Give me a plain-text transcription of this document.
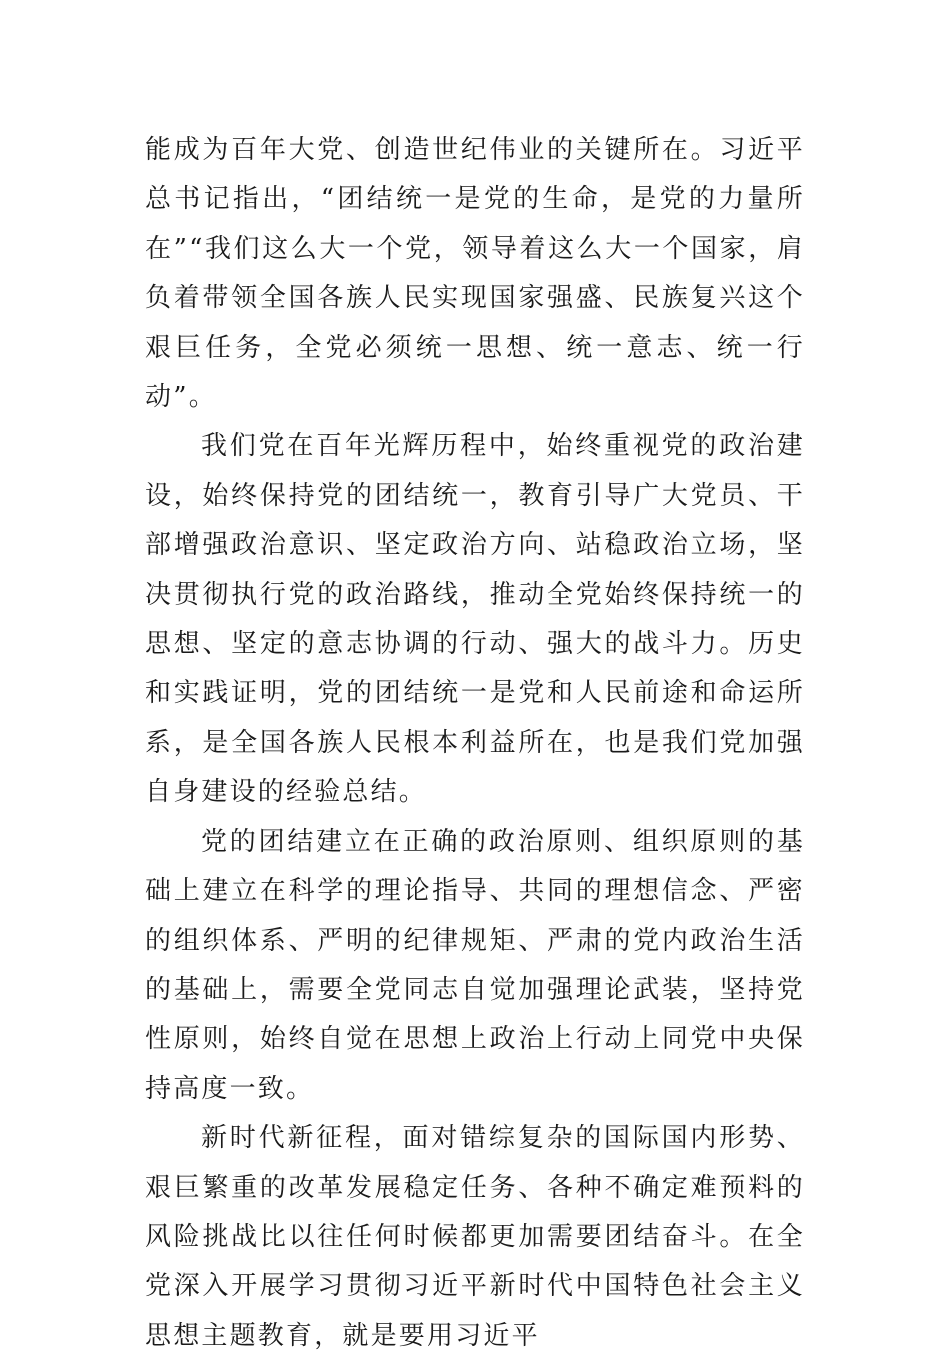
能成为百年大党、创造世纪伟业的关键所在。习近平总书记指出，“团结统一是党的生命，是党的力量所在”“我们这么大一个党，领导着这么大一个国家，肩负着带领全国各族人民实现国家强盛、民族复兴这个艰巨任务，全党必须统一思想、统一意志、统一行动”。

我们党在百年光辉历程中，始终重视党的政治建设，始终保持党的团结统一，教育引导广大党员、干部增强政治意识、坚定政治方向、站稳政治立场，坚决贯彻执行党的政治路线，推动全党始终保持统一的思想、坚定的意志协调的行动、强大的战斗力。历史和实践证明，党的团结统一是党和人民前途和命运所系，是全国各族人民根本利益所在，也是我们党加强自身建设的经验总结。

党的团结建立在正确的政治原则、组织原则的基础上建立在科学的理论指导、共同的理想信念、严密的组织体系、严明的纪律规矩、严肃的党内政治生活的基础上，需要全党同志自觉加强理论武装，坚持党性原则，始终自觉在思想上政治上行动上同党中央保持高度一致。

新时代新征程，面对错综复杂的国际国内形势、艰巨繁重的改革发展稳定任务、各种不确定难预料的风险挑战比以往任何时候都更加需要团结奋斗。在全党深入开展学习贯彻习近平新时代中国特色社会主义思想主题教育，就是要用习近平
